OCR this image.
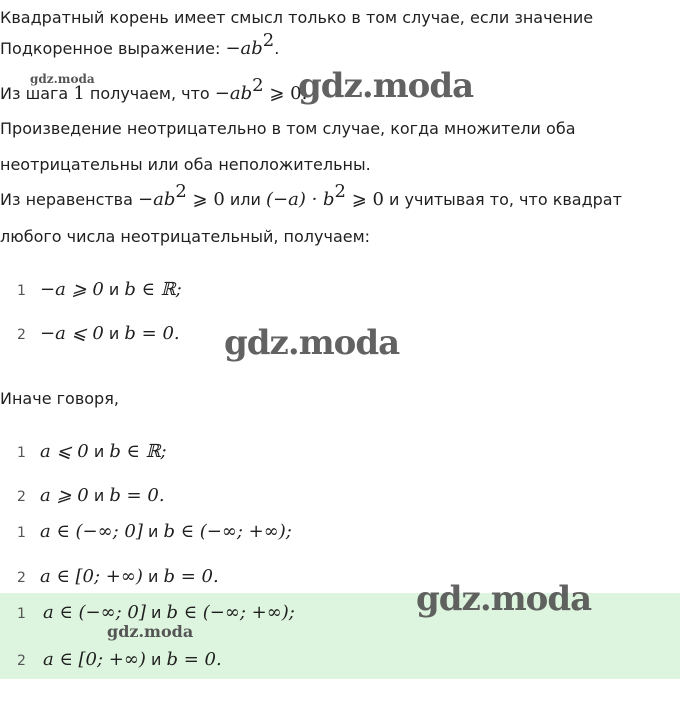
Квадратный корень имеет смысл только в том случае, если значение
Подкоренное выражение: $-ab^2$.
Из шага 1 получаем, что $-ab^2$ ⩾ 0.
Произведение неотрицательно в том случае, когда множители оба
неотрицательны или оба неположительны.
Из неравенства $-ab^2$ ⩾ 0 или $(-a) \cdot b^2$ ⩾ 0 и учитывая то, что квадрат
любого числа неотрицательный, получаем:
1 −a ⩾ 0 и b ∈ ℝ;
2 −a ⩽ 0 и b = 0.
Иначе говоря,
1 a ⩽ 0 и b ∈ ℝ;
2 a ⩾ 0 и b = 0.
1 a ∈ (−∞; 0] и b ∈ (−∞; +∞);
2 a ∈ [0; +∞) и b = 0.
1 a ∈ (−∞; 0] и b ∈ (−∞; +∞);
2 a ∈ [0; +∞) и b = 0.
gdz.moda	gdz.moda
gdz.moda
gdz.moda
gdz.moda
